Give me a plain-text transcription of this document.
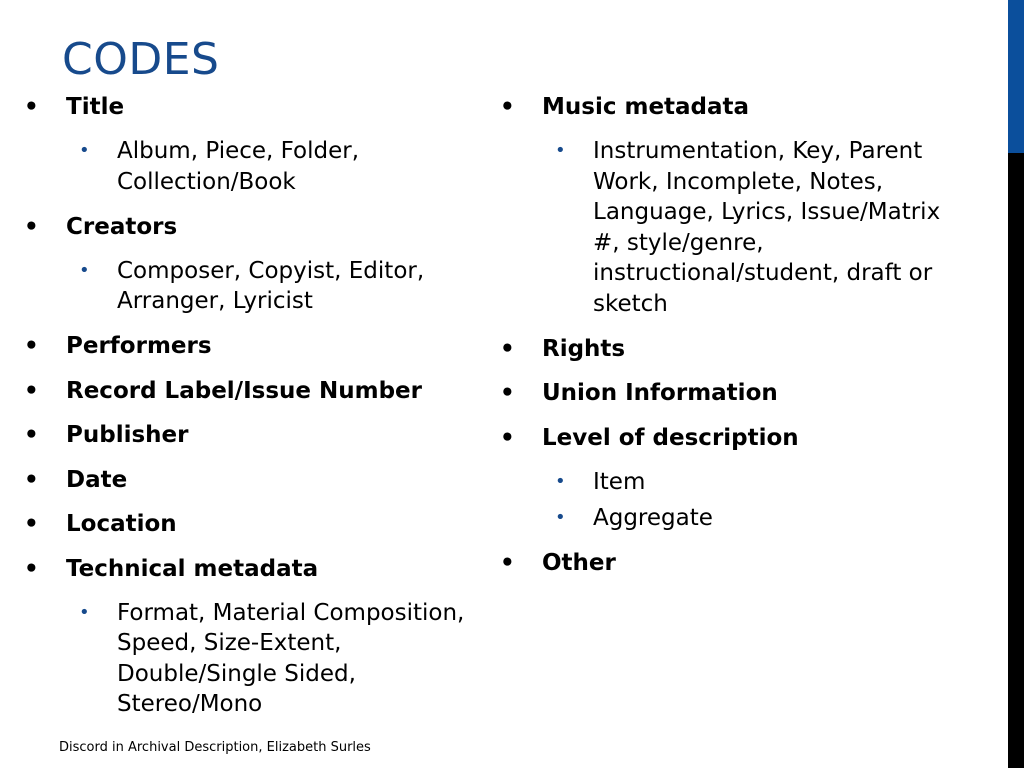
CODES
• Title
• Album, Piece, Folder, Collection/Book
• Creators
• Composer, Copyist, Editor, Arranger, Lyricist
• Performers
• Record Label/Issue Number
• Publisher
• Date
• Location
• Technical metadata
• Format, Material Composition, Speed, Size-Extent, Double/Single Sided, Stereo/Mono
• Music metadata
• Instrumentation, Key, Parent Work, Incomplete, Notes, Language, Lyrics, Issue/Matrix #, style/genre, instructional/student, draft or sketch
• Rights
• Union Information
• Level of description
• Item
• Aggregate
• Other
Discord in Archival Description, Elizabeth Surles
